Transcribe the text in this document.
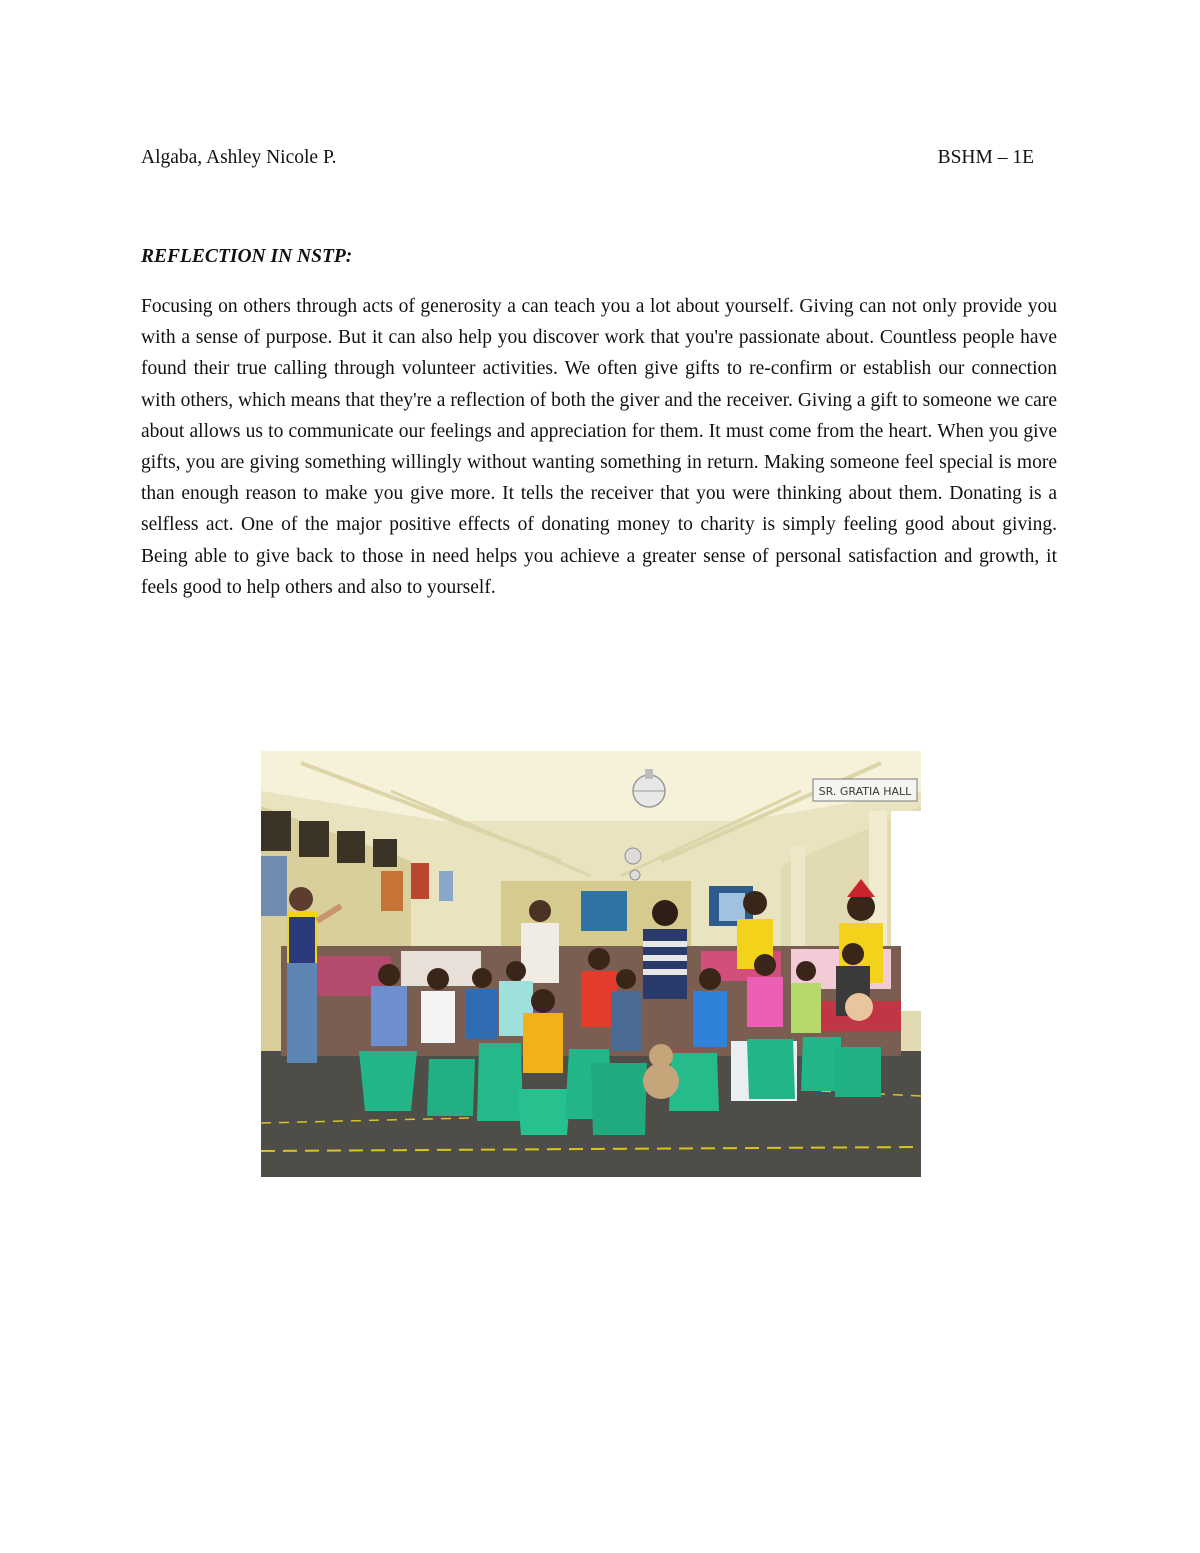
Algaba, Ashley Nicole P.	BSHM – 1E
REFLECTION IN NSTP:

Focusing on others through acts of generosity a can teach you a lot about yourself. Giving can not only provide you with a sense of purpose. But it can also help you discover work that you're passionate about. Countless people have found their true calling through volunteer activities. We often give gifts to re-confirm or establish our connection with others, which means that they're a reflection of both the giver and the receiver. Giving a gift to someone we care about allows us to communicate our feelings and appreciation for them. It must come from the heart. When you give gifts, you are giving something willingly without wanting something in return. Making someone feel special is more than enough reason to make you give more. It tells the receiver that you were thinking about them. Donating is a selfless act. One of the major positive effects of donating money to charity is simply feeling good about giving. Being able to give back to those in need helps you achieve a greater sense of personal satisfaction and growth, it feels good to help others and also to yourself.

SR. GRATIA HALL
